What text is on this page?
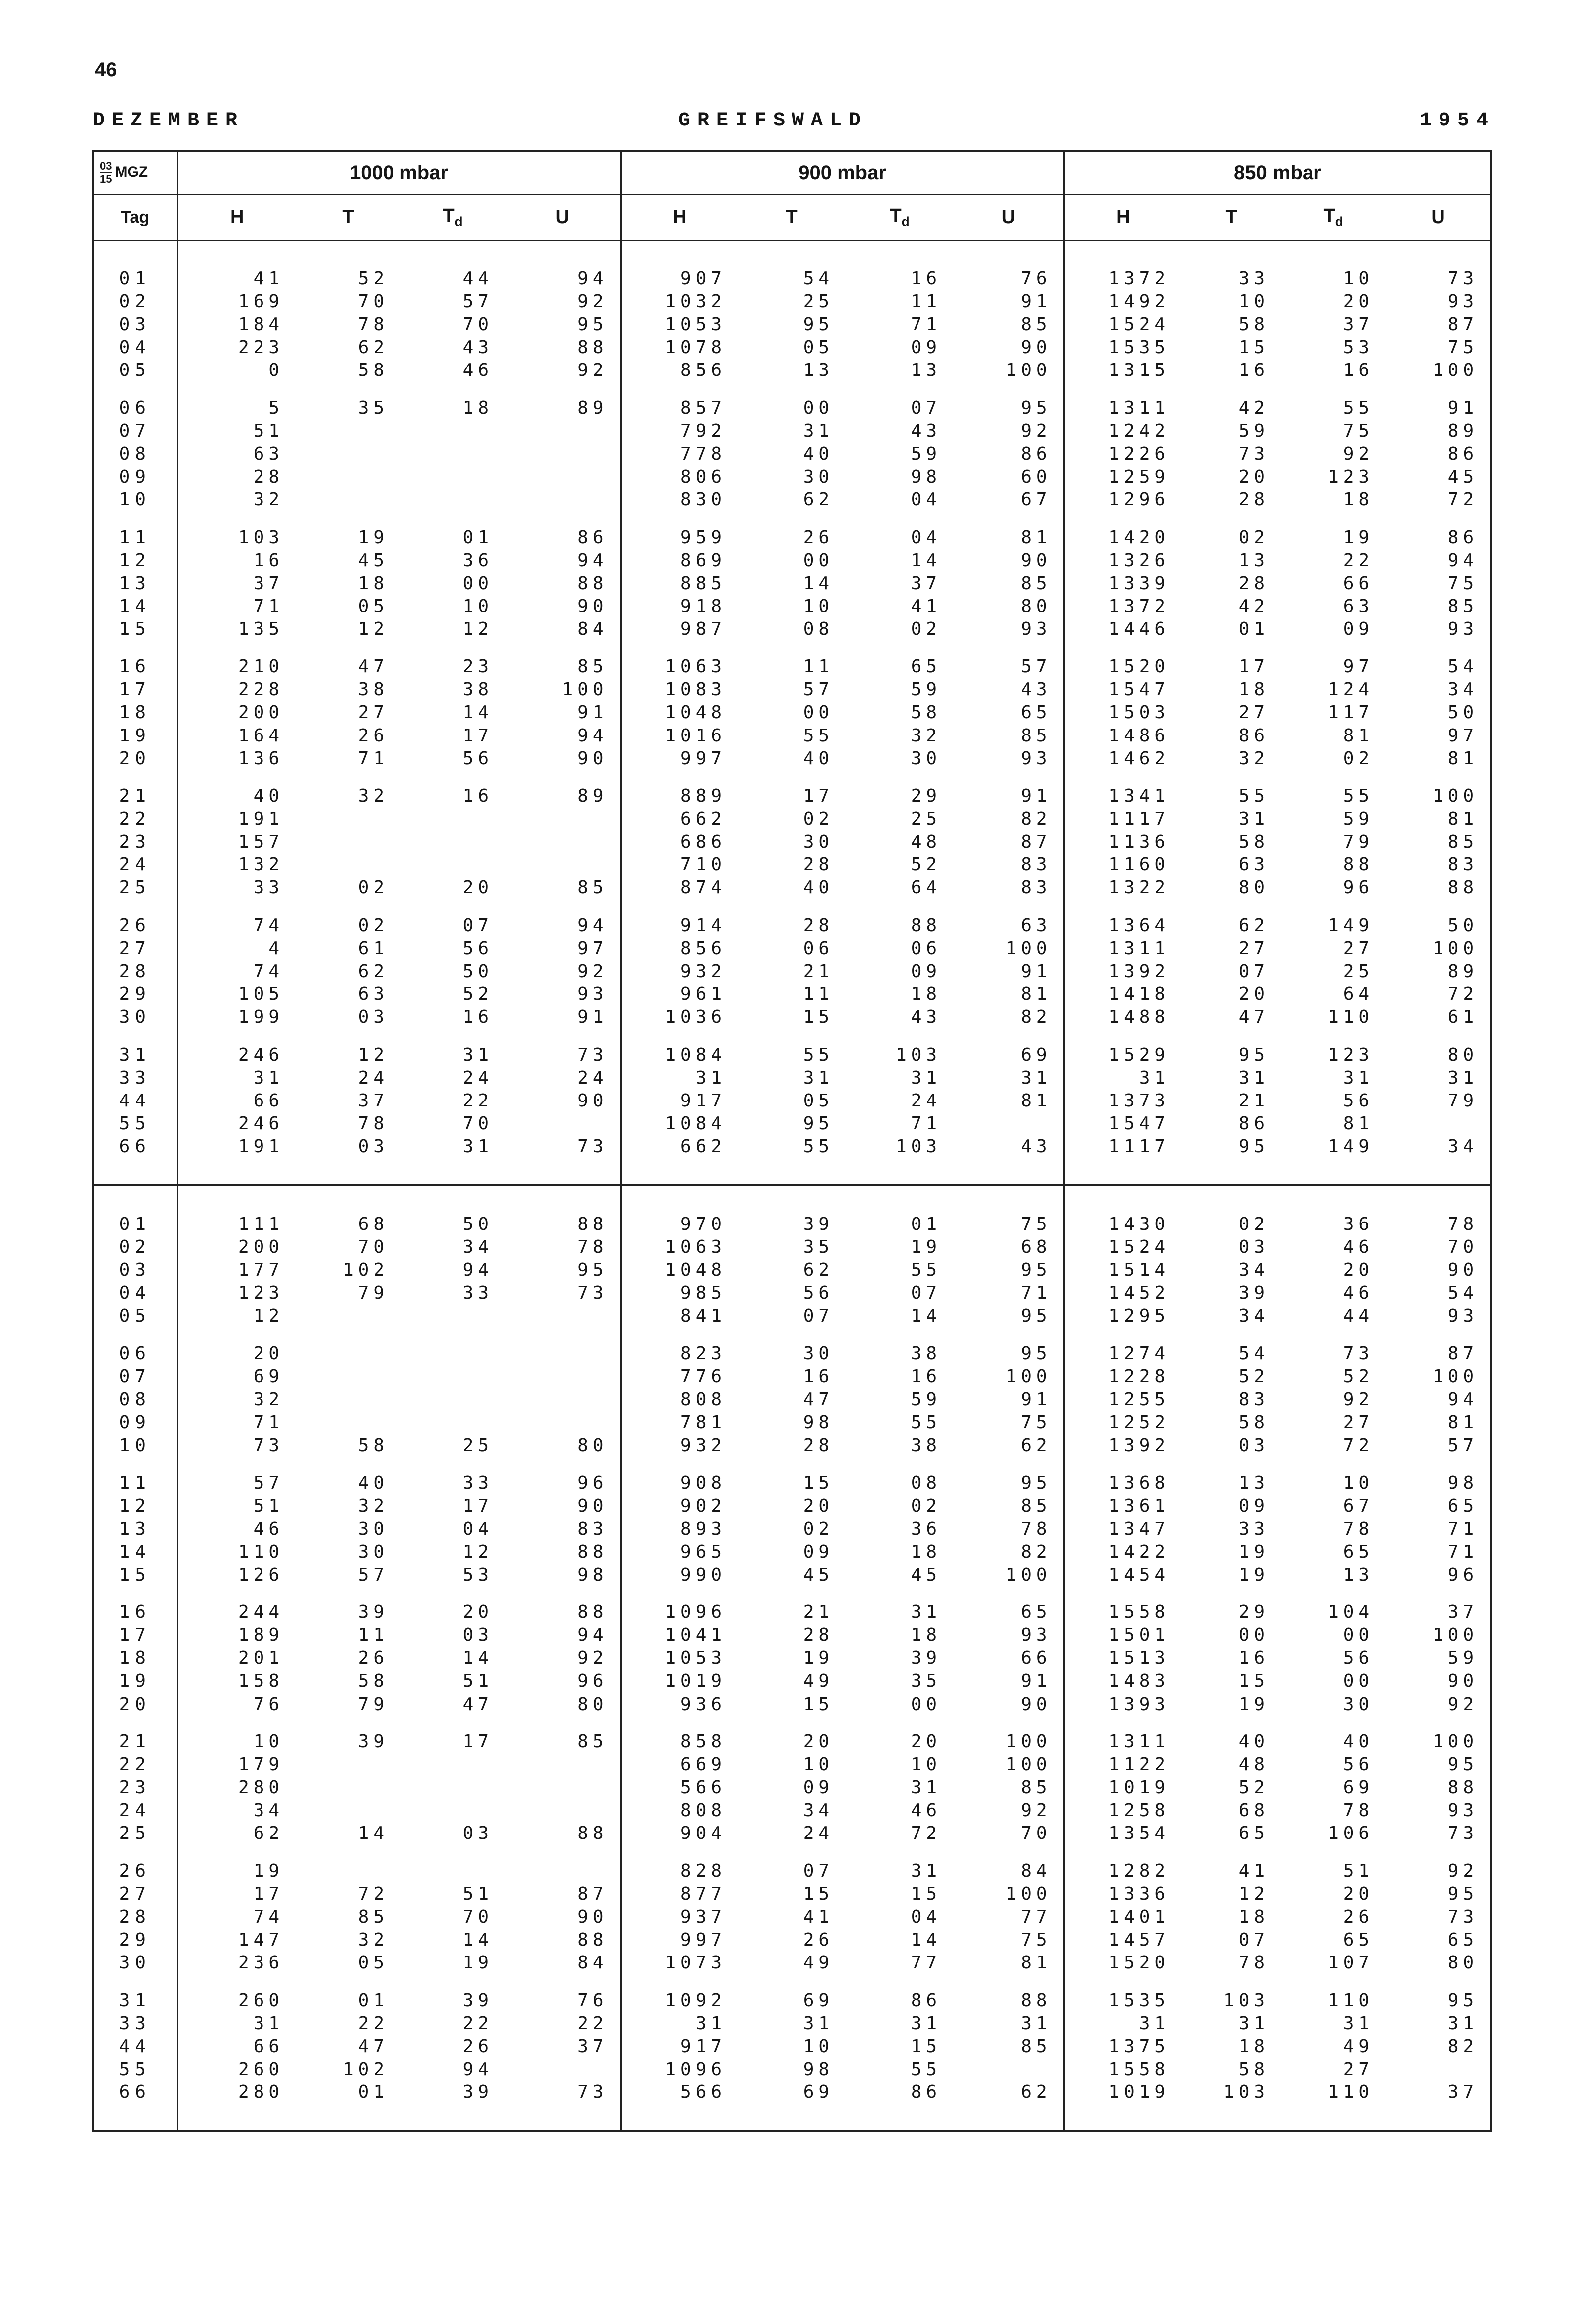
46
DEZEMBER	GREIFSWALD	1954
$\frac{03}{15}$ MGZ	1000 mbar				900 mbar				850 mbar			
Tag	H	T	$T_d$	U	H	T	$T_d$	U	H	T	$T_d$	U

01	41	52	44	94	907	54	16	76	1372	33	10	73
02	169	70	57	92	1032	25	11	91	1492	10	20	93
03	184	78	70	95	1053	95	71	85	1524	58	37	87
04	223	62	43	88	1078	05	09	90	1535	15	53	75
05	0	58	46	92	856	13	13	100	1315	16	16	100

06	5	35	18	89	857	00	07	95	1311	42	55	91
07	51				792	31	43	92	1242	59	75	89
08	63				778	40	59	86	1226	73	92	86
09	28				806	30	98	60	1259	20	123	45
10	32				830	62	04	67	1296	28	18	72

11	103	19	01	86	959	26	04	81	1420	02	19	86
12	16	45	36	94	869	00	14	90	1326	13	22	94
13	37	18	00	88	885	14	37	85	1339	28	66	75
14	71	05	10	90	918	10	41	80	1372	42	63	85
15	135	12	12	84	987	08	02	93	1446	01	09	93

16	210	47	23	85	1063	11	65	57	1520	17	97	54
17	228	38	38	100	1083	57	59	43	1547	18	124	34
18	200	27	14	91	1048	00	58	65	1503	27	117	50
19	164	26	17	94	1016	55	32	85	1486	86	81	97
20	136	71	56	90	997	40	30	93	1462	32	02	81

21	40	32	16	89	889	17	29	91	1341	55	55	100
22	191				662	02	25	82	1117	31	59	81
23	157				686	30	48	87	1136	58	79	85
24	132				710	28	52	83	1160	63	88	83
25	33	02	20	85	874	40	64	83	1322	80	96	88

26	74	02	07	94	914	28	88	63	1364	62	149	50
27	4	61	56	97	856	06	06	100	1311	27	27	100
28	74	62	50	92	932	21	09	91	1392	07	25	89
29	105	63	52	93	961	11	18	81	1418	20	64	72
30	199	03	16	91	1036	15	43	82	1488	47	110	61

31	246	12	31	73	1084	55	103	69	1529	95	123	80
33	31	24	24	24	31	31	31	31	31	31	31	31
44	66	37	22	90	917	05	24	81	1373	21	56	79
55	246	78	70		1084	95	71		1547	86	81	
66	191	03	31	73	662	55	103	43	1117	95	149	34

01	111	68	50	88	970	39	01	75	1430	02	36	78
02	200	70	34	78	1063	35	19	68	1524	03	46	70
03	177	102	94	95	1048	62	55	95	1514	34	20	90
04	123	79	33	73	985	56	07	71	1452	39	46	54
05	12				841	07	14	95	1295	34	44	93

06	20				823	30	38	95	1274	54	73	87
07	69				776	16	16	100	1228	52	52	100
08	32				808	47	59	91	1255	83	92	94
09	71				781	98	55	75	1252	58	27	81
10	73	58	25	80	932	28	38	62	1392	03	72	57

11	57	40	33	96	908	15	08	95	1368	13	10	98
12	51	32	17	90	902	20	02	85	1361	09	67	65
13	46	30	04	83	893	02	36	78	1347	33	78	71
14	110	30	12	88	965	09	18	82	1422	19	65	71
15	126	57	53	98	990	45	45	100	1454	19	13	96

16	244	39	20	88	1096	21	31	65	1558	29	104	37
17	189	11	03	94	1041	28	18	93	1501	00	00	100
18	201	26	14	92	1053	19	39	66	1513	16	56	59
19	158	58	51	96	1019	49	35	91	1483	15	00	90
20	76	79	47	80	936	15	00	90	1393	19	30	92

21	10	39	17	85	858	20	20	100	1311	40	40	100
22	179				669	10	10	100	1122	48	56	95
23	280				566	09	31	85	1019	52	69	88
24	34				808	34	46	92	1258	68	78	93
25	62	14	03	88	904	24	72	70	1354	65	106	73

26	19				828	07	31	84	1282	41	51	92
27	17	72	51	87	877	15	15	100	1336	12	20	95
28	74	85	70	90	937	41	04	77	1401	18	26	73
29	147	32	14	88	997	26	14	75	1457	07	65	65
30	236	05	19	84	1073	49	77	81	1520	78	107	80

31	260	01	39	76	1092	69	86	88	1535	103	110	95
33	31	22	22	22	31	31	31	31	31	31	31	31
44	66	47	26	37	917	10	15	85	1375	18	49	82
55	260	102	94		1096	98	55		1558	58	27	
66	280	01	39	73	566	69	86	62	1019	103	110	37
